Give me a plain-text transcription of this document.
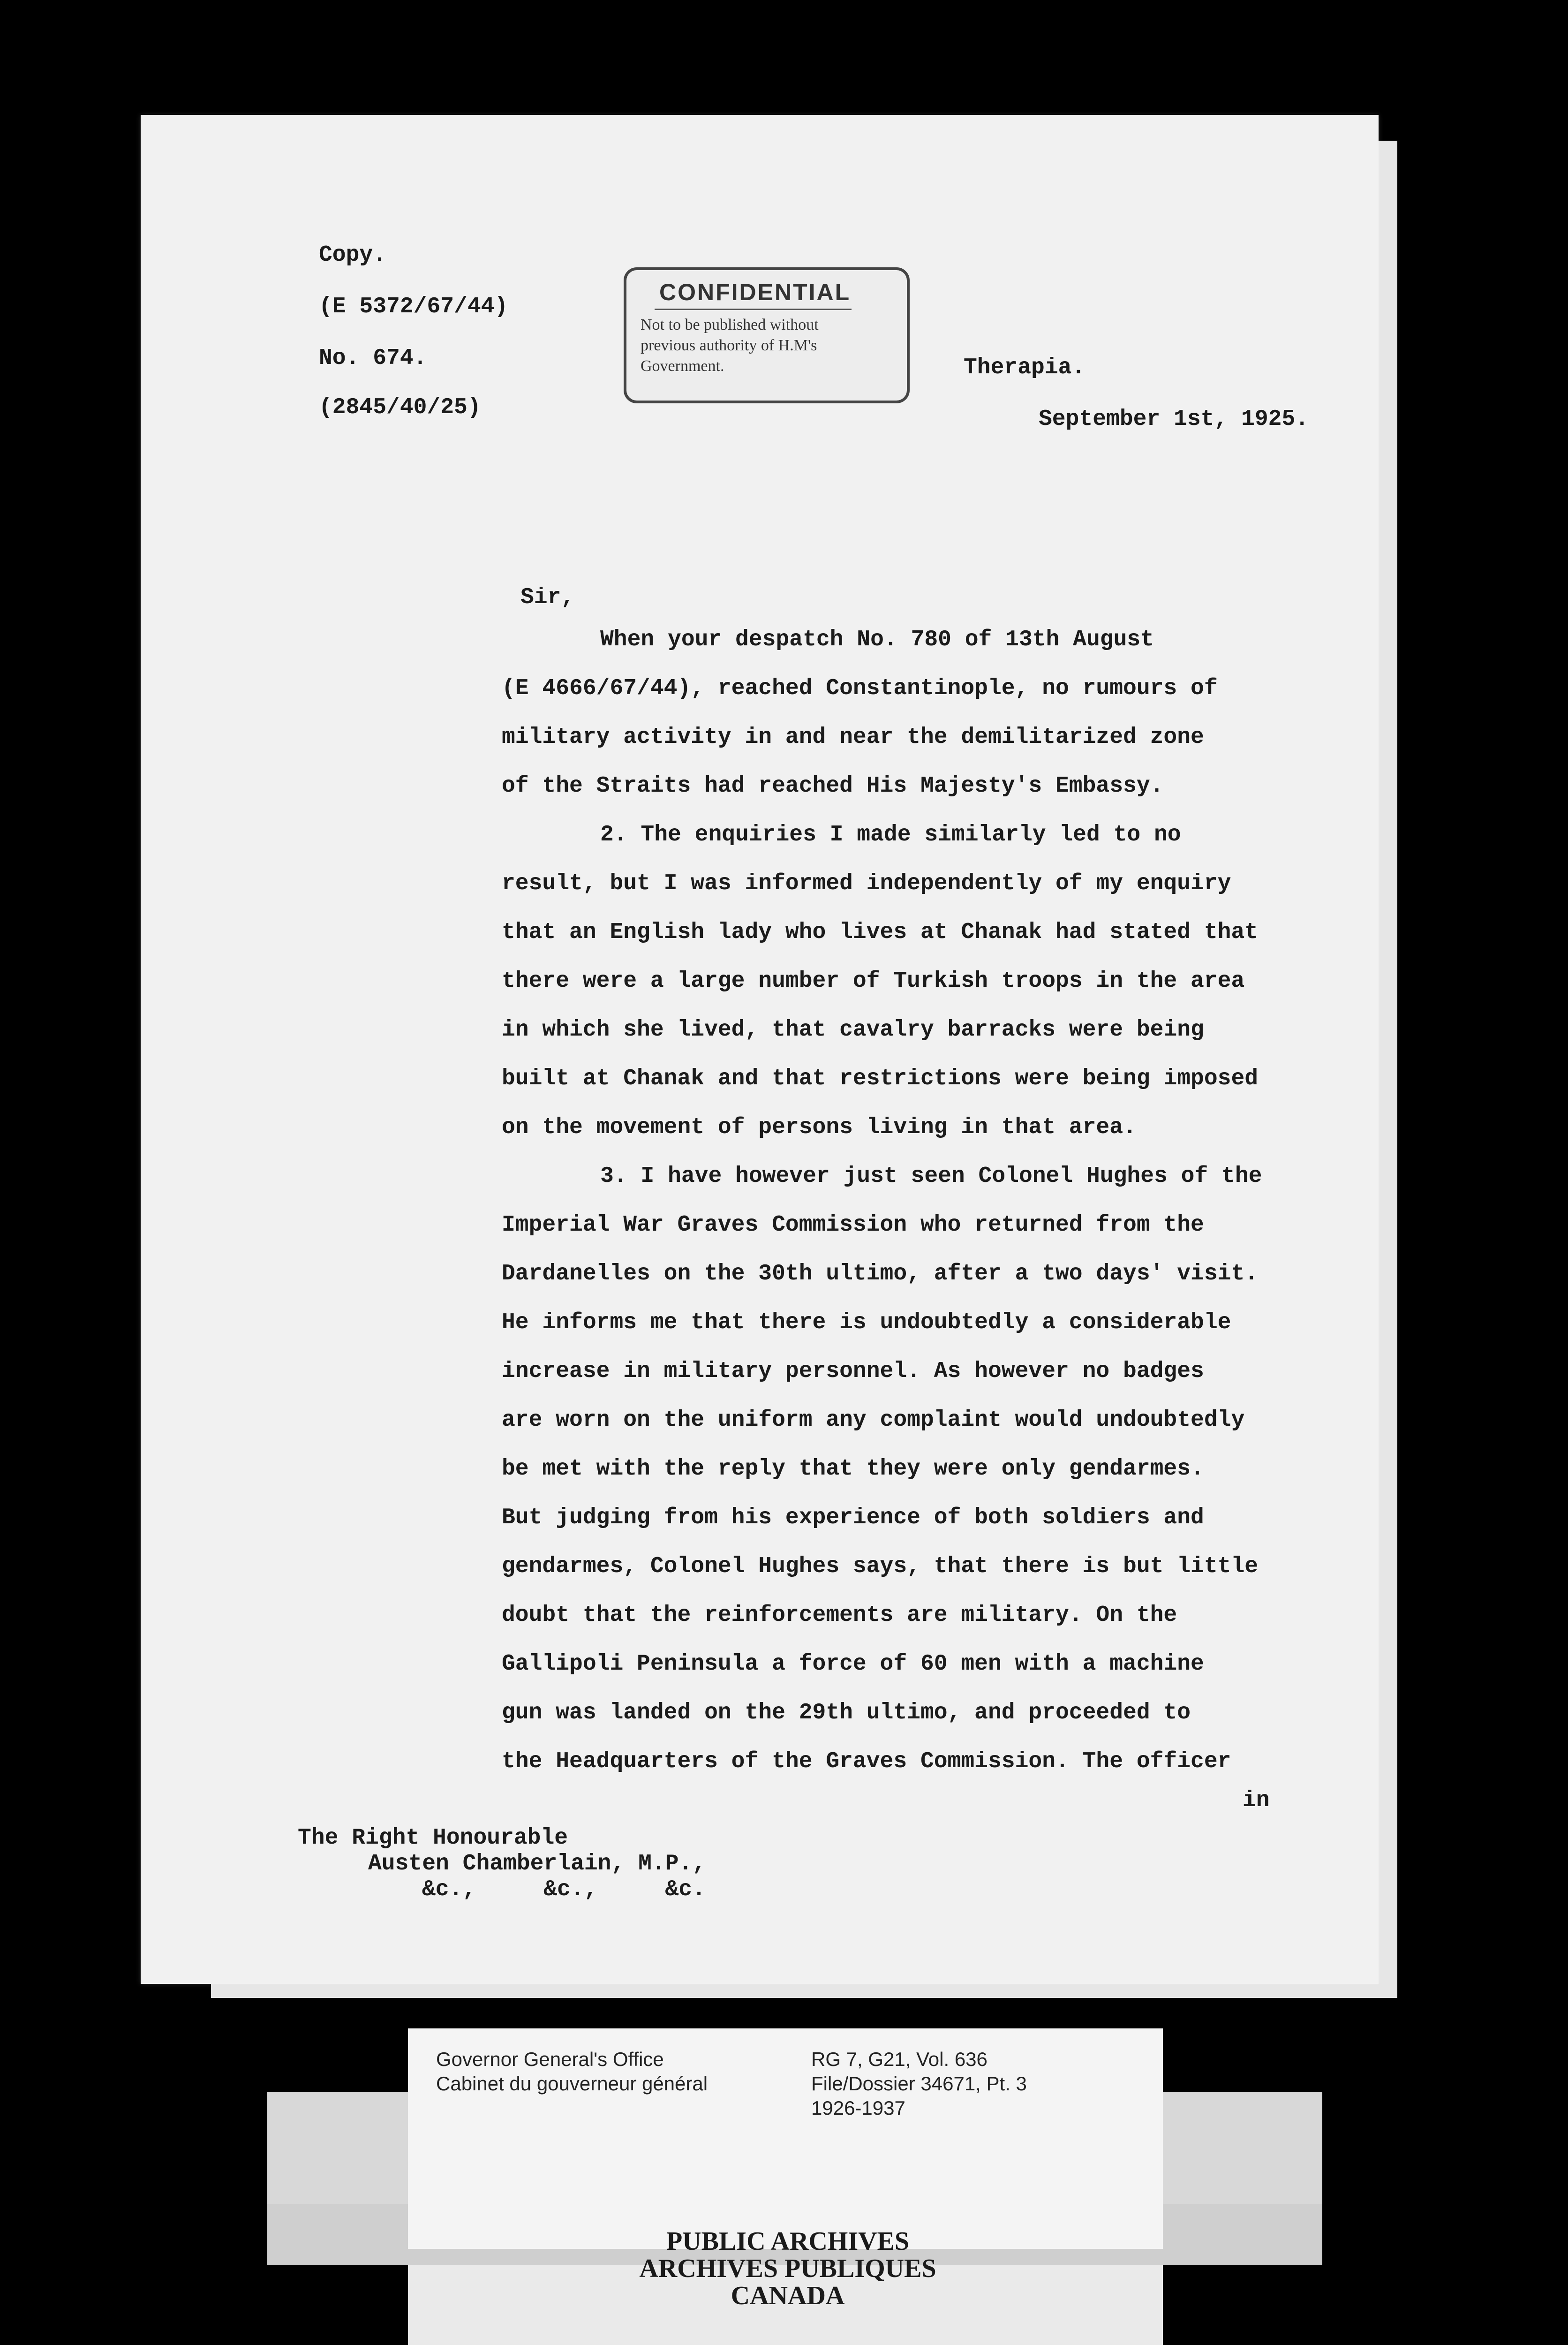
Copy.
(E 5372/67/44)
No. 674.
(2845/40/25)
CONFIDENTIAL
Not to be published without
previous authority of H.M's
Government.	Therapia.
September 1st, 1925.
Sir,
When your despatch No. 780 of 13th August
(E 4666/67/44), reached Constantinople, no rumours of
military activity in and near the demilitarized zone
of the Straits had reached His Majesty's Embassy.
2. The enquiries I made similarly led to no
result, but I was informed independently of my enquiry
that an English lady who lives at Chanak had stated that
there were a large number of Turkish troops in the area
in which she lived, that cavalry barracks were being
built at Chanak and that restrictions were being imposed
on the movement of persons living in that area.
3. I have however just seen Colonel Hughes of the
Imperial War Graves Commission who returned from the
Dardanelles on the 30th ultimo, after a two days' visit.
He informs me that there is undoubtedly a considerable
increase in military personnel. As however no badges
are worn on the uniform any complaint would undoubtedly
be met with the reply that they were only gendarmes.
But judging from his experience of both soldiers and
gendarmes, Colonel Hughes says, that there is but little
doubt that the reinforcements are military. On the
Gallipoli Peninsula a force of 60 men with a machine
gun was landed on the 29th ultimo, and proceeded to
the Headquarters of the Graves Commission. The officer
in
The Right Honourable
Austen Chamberlain, M.P.,
&c.,     &c.,     &c.
Governor General's Office
Cabinet du gouverneur général
RG 7, G21, Vol. 636
File/Dossier 34671, Pt. 3
1926-1937
PUBLIC ARCHIVES
ARCHIVES PUBLIQUES
CANADA
